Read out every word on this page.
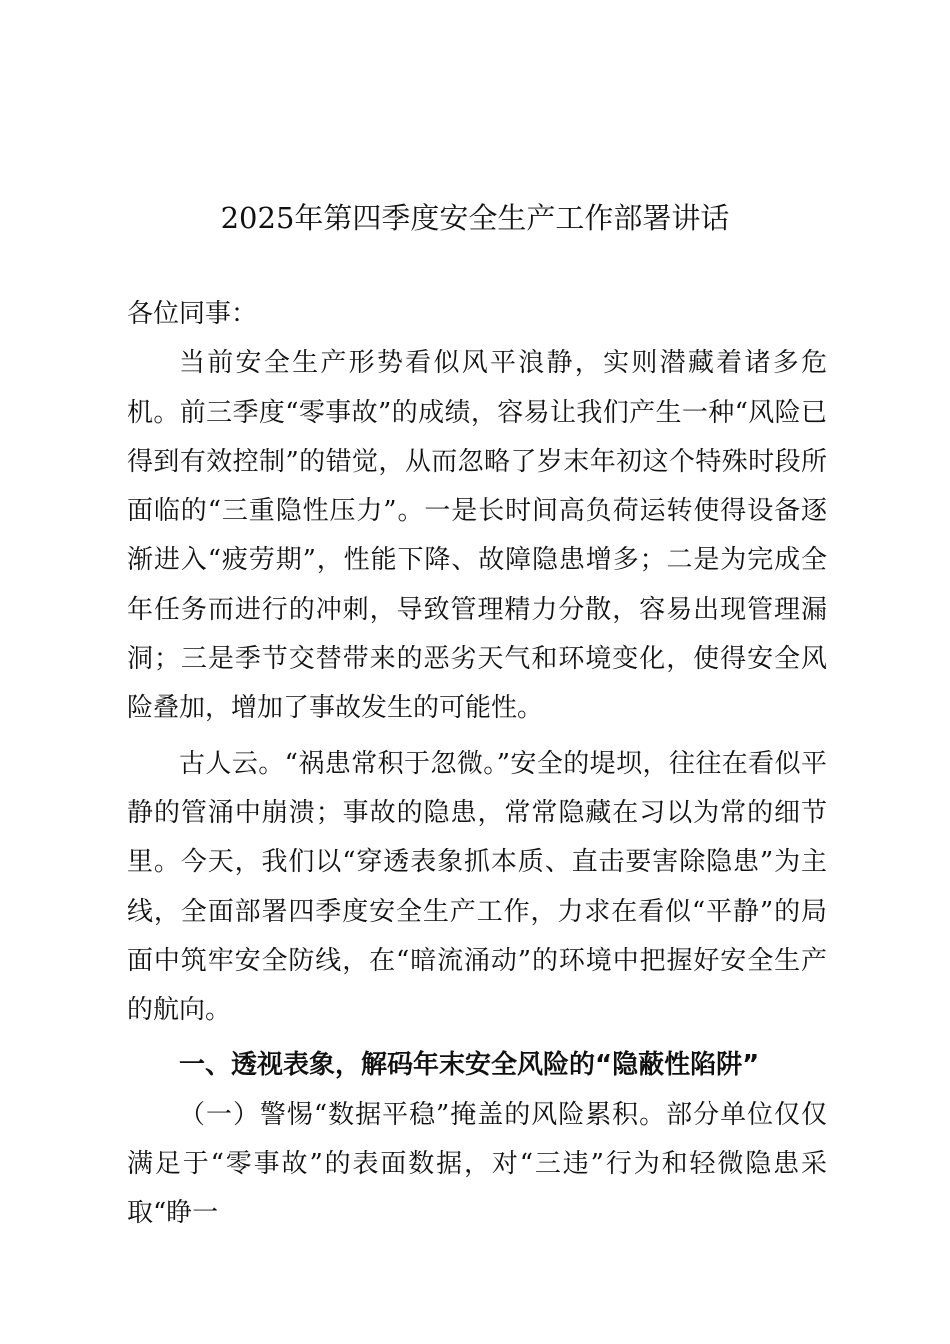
2025年第四季度安全生产工作部署讲话

各位同事：

当前安全生产形势看似风平浪静，实则潜藏着诸多危机。前三季度“零事故”的成绩，容易让我们产生一种“风险已得到有效控制”的错觉，从而忽略了岁末年初这个特殊时段所面临的“三重隐性压力”。一是长时间高负荷运转使得设备逐渐进入“疲劳期”，性能下降、故障隐患增多；二是为完成全年任务而进行的冲刺，导致管理精力分散，容易出现管理漏洞；三是季节交替带来的恶劣天气和环境变化，使得安全风险叠加，增加了事故发生的可能性。

古人云。“祸患常积于忽微。”安全的堤坝，往往在看似平静的管涌中崩溃；事故的隐患，常常隐藏在习以为常的细节里。今天，我们以“穿透表象抓本质、直击要害除隐患”为主线，全面部署四季度安全生产工作，力求在看似“平静”的局面中筑牢安全防线，在“暗流涌动”的环境中把握好安全生产的航向。

一、透视表象，解码年末安全风险的“隐蔽性陷阱”

（一）警惕“数据平稳”掩盖的风险累积。部分单位仅仅满足于“零事故”的表面数据，对“三违”行为和轻微隐患采取“睁一
